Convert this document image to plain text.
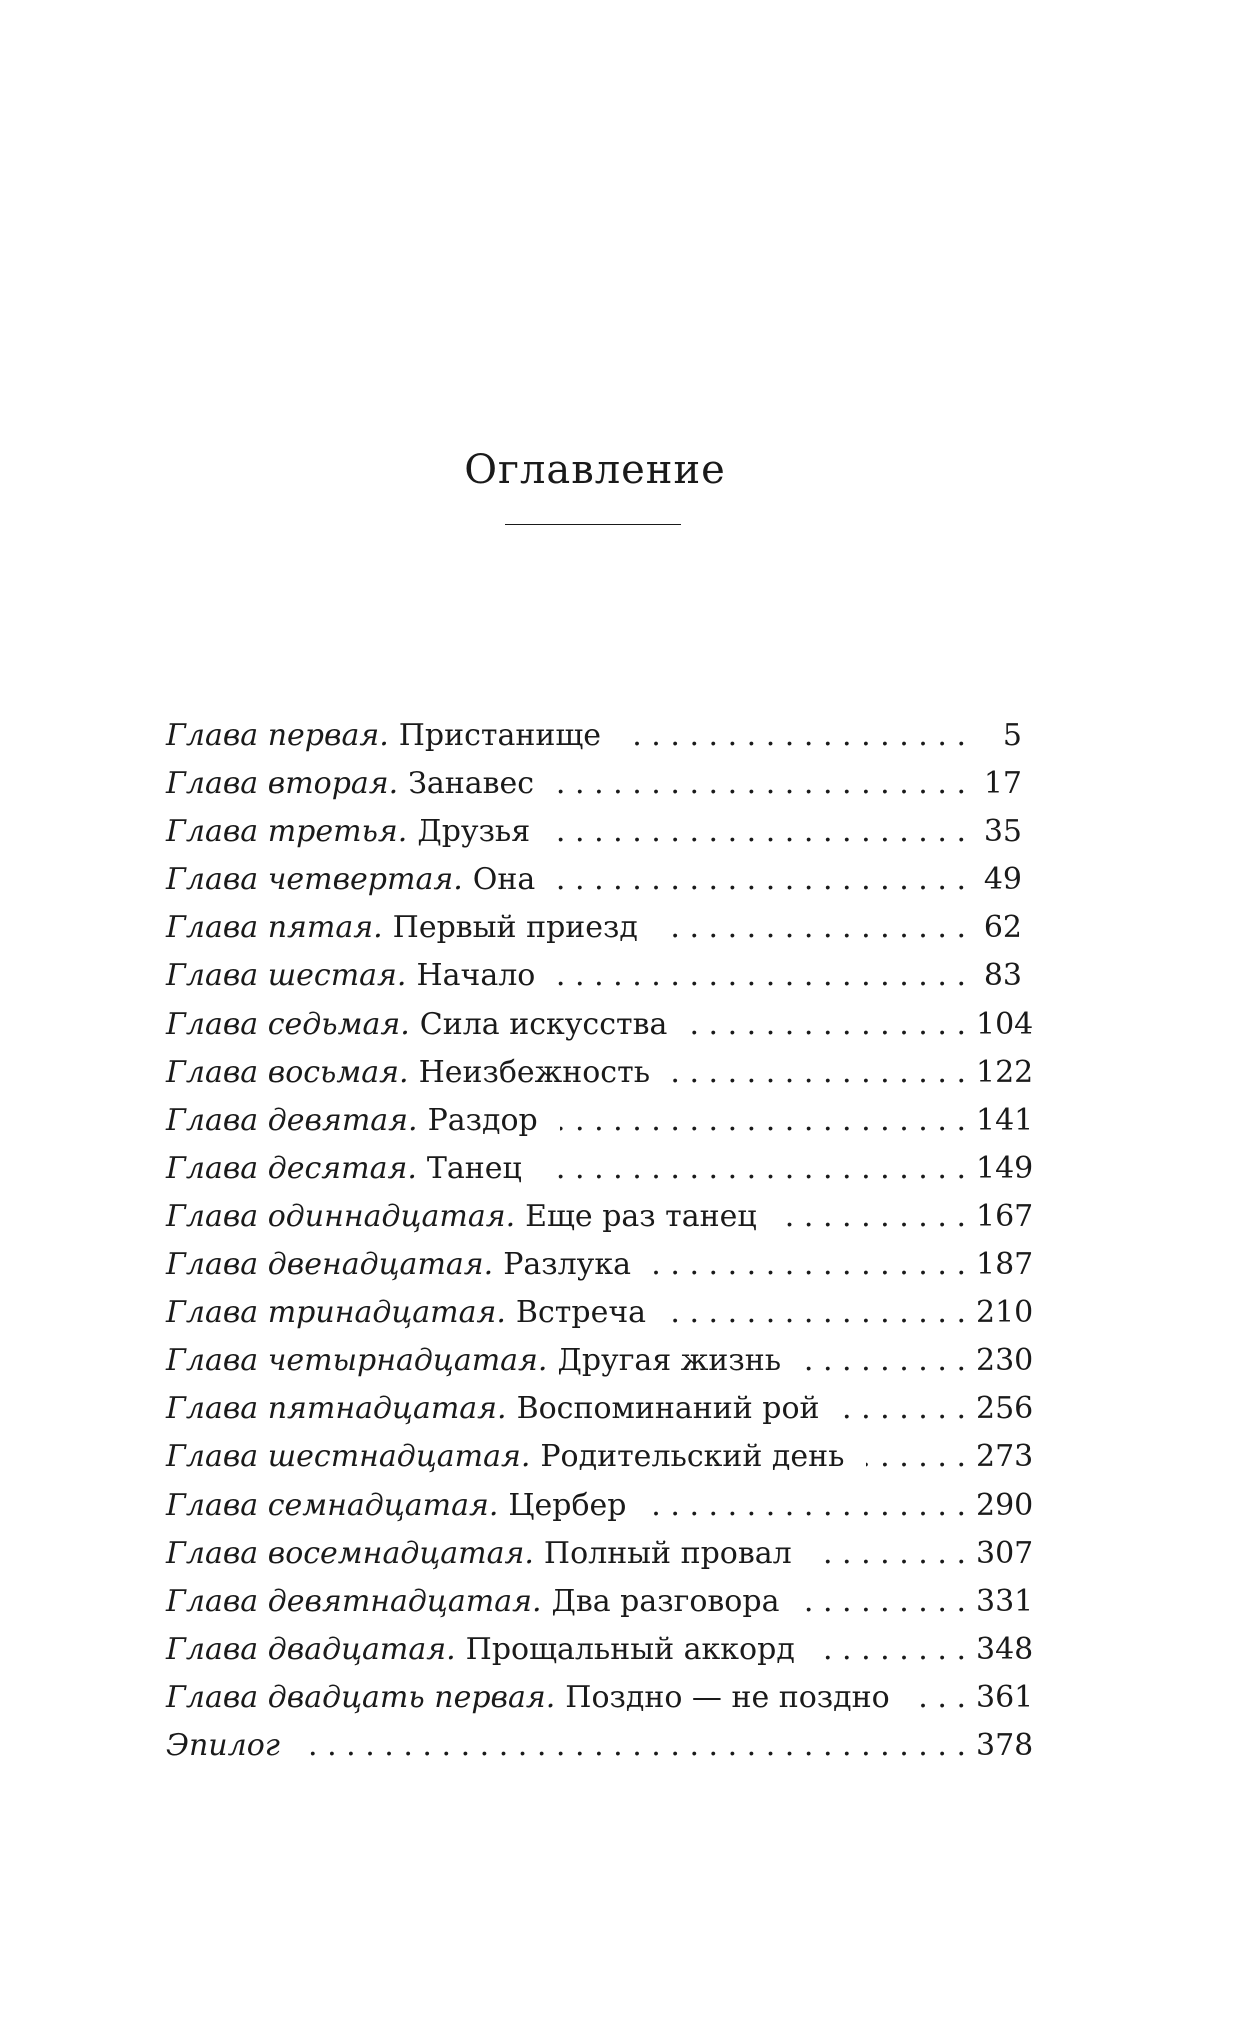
Оглавление
Глава первая. Пристанище . . .	5
Глава вторая. Занавес . . .	17
Глава третья. Друзья . . .	35
Глава четвертая. Она . . .	49
Глава пятая. Первый приезд . . .	62
Глава шестая. Начало . . .	83
Глава седьмая. Сила искусства . . .	104
Глава восьмая. Неизбежность . . .	122
Глава девятая. Раздор . . .	141
Глава десятая. Танец . . .	149
Глава одиннадцатая. Еще раз танец . . .	167
Глава двенадцатая. Разлука . . .	187
Глава тринадцатая. Встреча . . .	210
Глава четырнадцатая. Другая жизнь . . .	230
Глава пятнадцатая. Воспоминаний рой . . .	256
Глава шестнадцатая. Родительский день . . .	273
Глава семнадцатая. Цербер . . .	290
Глава восемнадцатая. Полный провал . . .	307
Глава девятнадцатая. Два разговора . . .	331
Глава двадцатая. Прощальный аккорд . . .	348
Глава двадцать первая. Поздно — не поздно . . .	361
Эпилог . . .	378
